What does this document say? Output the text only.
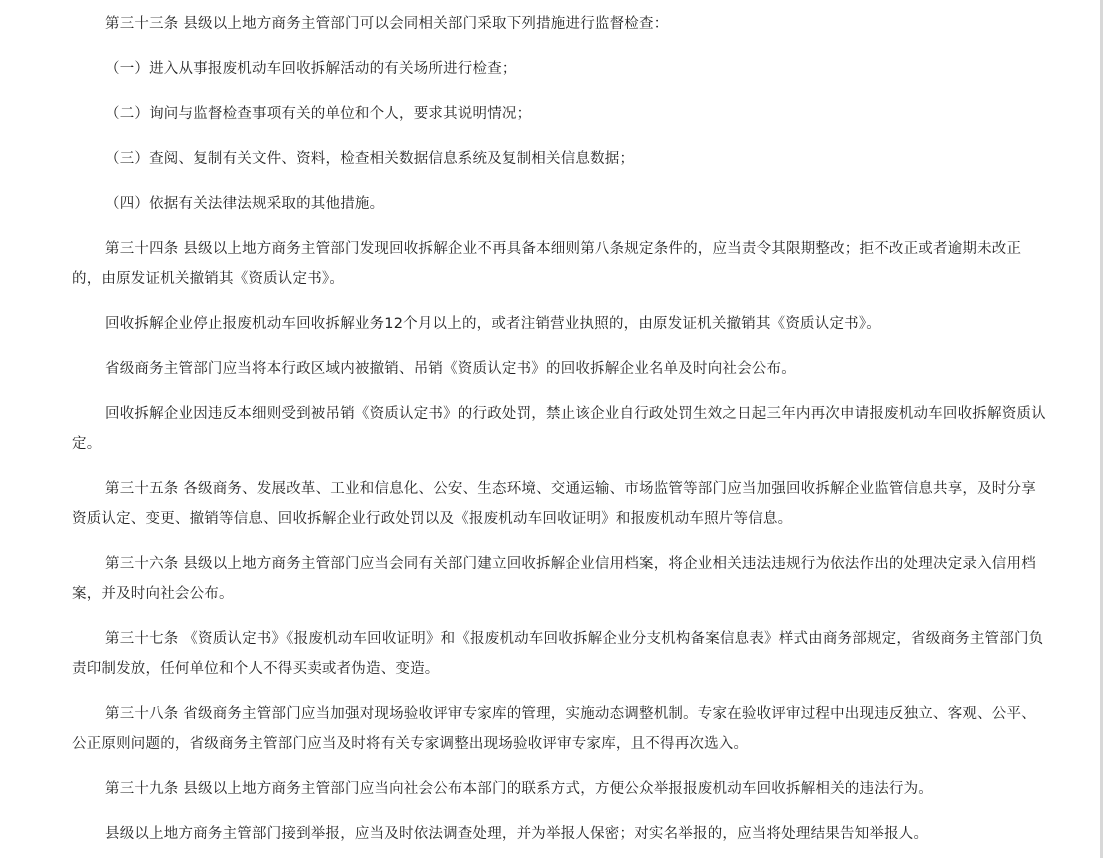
第三十三条 县级以上地方商务主管部门可以会同相关部门采取下列措施进行监督检查：

（一）进入从事报废机动车回收拆解活动的有关场所进行检查；

（二）询问与监督检查事项有关的单位和个人，要求其说明情况；

（三）查阅、复制有关文件、资料，检查相关数据信息系统及复制相关信息数据；

（四）依据有关法律法规采取的其他措施。

第三十四条 县级以上地方商务主管部门发现回收拆解企业不再具备本细则第八条规定条件的，应当责令其限期整改；拒不改正或者逾期未改正的，由原发证机关撤销其《资质认定书》。

回收拆解企业停止报废机动车回收拆解业务12个月以上的，或者注销营业执照的，由原发证机关撤销其《资质认定书》。

省级商务主管部门应当将本行政区域内被撤销、吊销《资质认定书》的回收拆解企业名单及时向社会公布。

回收拆解企业因违反本细则受到被吊销《资质认定书》的行政处罚，禁止该企业自行政处罚生效之日起三年内再次申请报废机动车回收拆解资质认定。

第三十五条 各级商务、发展改革、工业和信息化、公安、生态环境、交通运输、市场监管等部门应当加强回收拆解企业监管信息共享，及时分享资质认定、变更、撤销等信息、回收拆解企业行政处罚以及《报废机动车回收证明》和报废机动车照片等信息。

第三十六条 县级以上地方商务主管部门应当会同有关部门建立回收拆解企业信用档案，将企业相关违法违规行为依法作出的处理决定录入信用档案，并及时向社会公布。

第三十七条 《资质认定书》《报废机动车回收证明》和《报废机动车回收拆解企业分支机构备案信息表》样式由商务部规定，省级商务主管部门负责印制发放，任何单位和个人不得买卖或者伪造、变造。

第三十八条 省级商务主管部门应当加强对现场验收评审专家库的管理，实施动态调整机制。专家在验收评审过程中出现违反独立、客观、公平、公正原则问题的，省级商务主管部门应当及时将有关专家调整出现场验收评审专家库，且不得再次选入。

第三十九条 县级以上地方商务主管部门应当向社会公布本部门的联系方式，方便公众举报报废机动车回收拆解相关的违法行为。

县级以上地方商务主管部门接到举报，应当及时依法调查处理，并为举报人保密；对实名举报的，应当将处理结果告知举报人。
